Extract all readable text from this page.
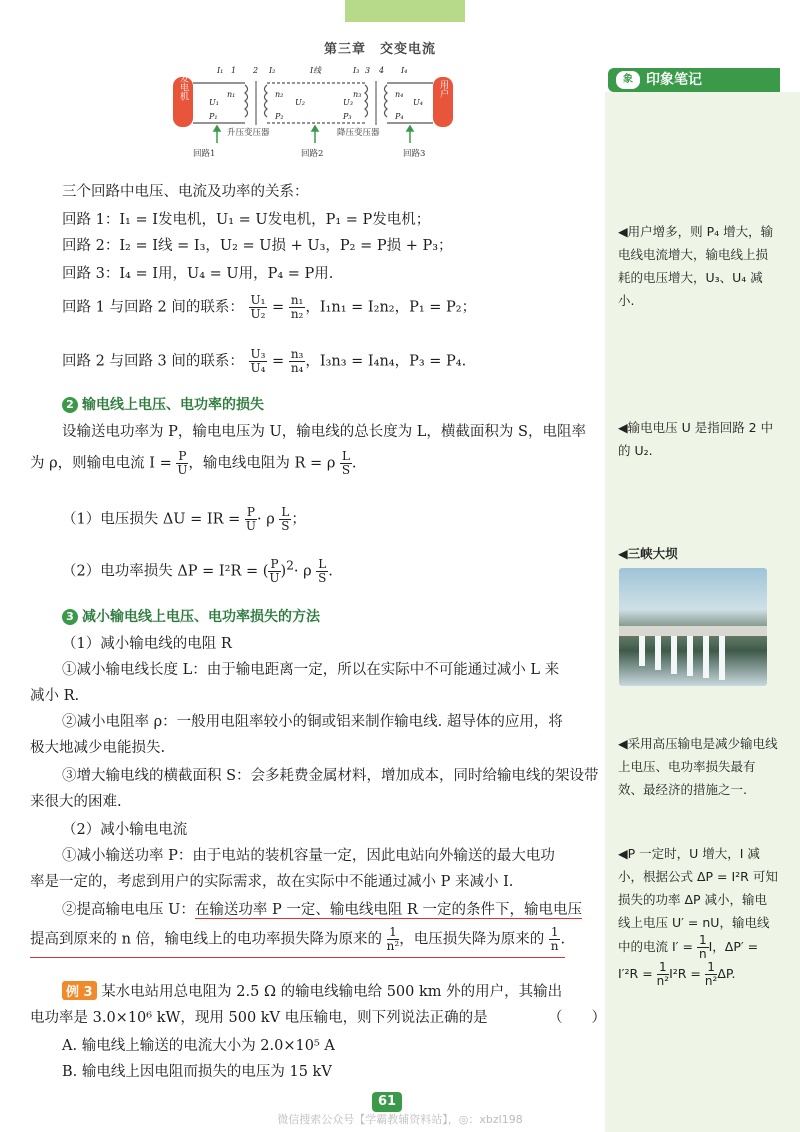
第三章　交变电流
象 印象笔记
发电机	用户
I₁ 1 2 I₂	I线	I₃ 3 4 I₄
U₁
n₁
P₁
n₂
U₂
P₂
U₃
n₃
P₃
n₄
U₄
P₄
升压变压器	降压变压器
回路1	回路2	回路3
三个回路中电压、电流及功率的关系：
回路 1：I₁ = I发电机，U₁ = U发电机，P₁ = P发电机；
回路 2：I₂ = I线 = I₃，U₂ = U损 + U₃，P₂ = P损 + P₃；
回路 3：I₄ = I用，U₄ = U用，P₄ = P用.
回路 1 与回路 2 间的联系： $\frac{\text{U₁}}{\text{U₂}} = \frac{\text{n₁}}{\text{n₂}}$ ，I₁n₁ = I₂n₂，P₁ = P₂；
回路 2 与回路 3 间的联系： $\frac{\text{U₃}}{\text{U₄}} = \frac{\text{n₃}}{\text{n₄}}$ ，I₃n₃ = I₄n₄，P₃ = P₄.
2 输电线上电压、电功率的损失
设输送电功率为 P，输电电压为 U，输电线的总长度为 L，横截面积为 S，电阻率
为 ρ，则输电电流 $I = \frac{P}{U}$ ，输电线电阻为 R = ρ $\frac{L}{S}$ .
（1）电压损失 ΔU = IR = $\frac{P}{U} \cdot \rho \frac{L}{S}$ ；
（2）电功率损失 ΔP = I²R = ( $\frac{P}{U} )^2\cdot \rho \frac{L}{S}$ .
3 减小输电线上电压、电功率损失的方法
（1）减小输电线的电阻 R
①减小输电线长度 L：由于输电距离一定，所以在实际中不可能通过减小 L 来
减小 R.
②减小电阻率 ρ：一般用电阻率较小的铜或铝来制作输电线. 超导体的应用，将
极大地减少电能损失.
③增大输电线的横截面积 S：会多耗费金属材料，增加成本，同时给输电线的架设带
来很大的困难.
（2）减小输电电流
①减小输送功率 P：由于电站的装机容量一定，因此电站向外输送的最大电功
率是一定的，考虑到用户的实际需求，故在实际中不能通过减小 P 来减小 I.
②提高输电电压 U：在输送功率 P 一定、输电线电阻 R 一定的条件下，输电电压
提高到原来的 n 倍，输电线上的电功率损失降为原来的 $\frac{1}{\text{n²}}$ ，电压损失降为原来的 $\frac{1}{n}$ .
例 3 某水电站用总电阻为 2.5 Ω 的输电线输电给 500 km 外的用户，其输出
电功率是 3.0×10⁶ kW，现用 500 kV 电压输电，则下列说法正确的是	（　　）
A. 输电线上输送的电流大小为 2.0×10⁵ A
B. 输电线上因电阻而损失的电压为 15 kV
◀用户增多，则 P₄ 增大，输电线电流增大，输电线上损耗的电压增大，U₃、U₄ 减小.
◀输电电压 U 是指回路 2 中的 U₂.
◀三峡大坝
◀采用高压输电是减少输电线上电压、电功率损失最有效、最经济的措施之一.
◀P 一定时，U 增大，I 减小，根据公式 ΔP = I²R 可知损失的功率 ΔP 减小，输电线上电压 U′ = nU，输电线中的电流 $I' = \frac{1}{n}$ I，$\Delta P' = I'^2R = \frac{1}{\text{n²}} I^2R = \frac{1}{\text{n²}} \Delta P$.
61
微信搜索公众号【学霸教辅资料站】，◎：xbzl198
